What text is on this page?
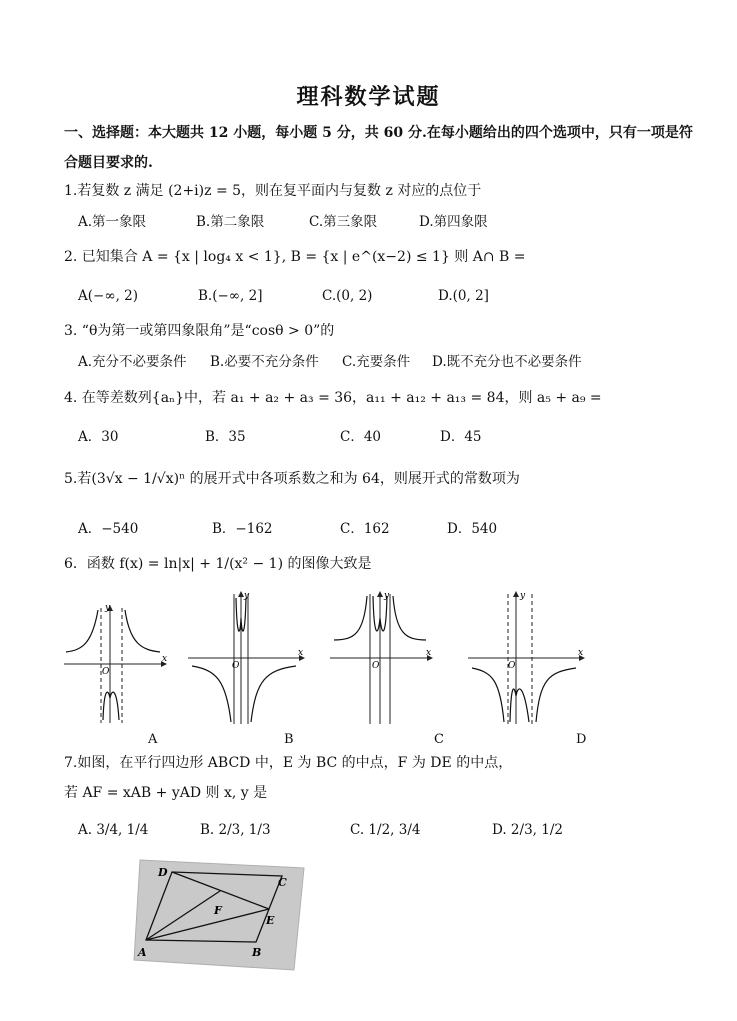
理科数学试题
一、选择题：本大题共 12 小题，每小题 5 分，共 60 分.在每小题给出的四个选项中，只有一项是符
合题目要求的.
1.若复数 z 满足 (2+i)z = 5，则在复平面内与复数 z 对应的点位于
A.第一象限	B.第二象限	C.第三象限	D.第四象限
2. 已知集合 A = {x | log₄ x < 1}, B = {x | e^(x−2) ≤ 1} 则 A∩ B =
A(−∞, 2)	B.(−∞, 2]	C.(0, 2)	D.(0, 2]
3. “θ为第一或第四象限角”是“cosθ > 0”的
A.充分不必要条件 B.必要不充分条件 C.充要条件 D.既不充分也不必要条件
4. 在等差数列{aₙ}中，若 a₁ + a₂ + a₃ = 36，a₁₁ + a₁₂ + a₁₃ = 84，则 a₅ + a₉ =
A．30	B．35	C．40	D．45
5.若(3√x − 1/√x)ⁿ 的展开式中各项系数之和为 64，则展开式的常数项为
A．−540	B．−162	C．162	D．540
6．函数 f(x) = ln|x| + 1/(x² − 1) 的图像大致是
y
x
O
y
x
O
y
x
O
y
x
O
A	B	C	D
7.如图，在平行四边形 ABCD 中，E 为 BC 的中点，F 为 DE 的中点，
若 AF = xAB + yAD 则 x, y 是
A. 3/4, 1/4	B. 2/3, 1/3	C. 1/2, 3/4	D. 2/3, 1/2
D
C
F
E
A	B
